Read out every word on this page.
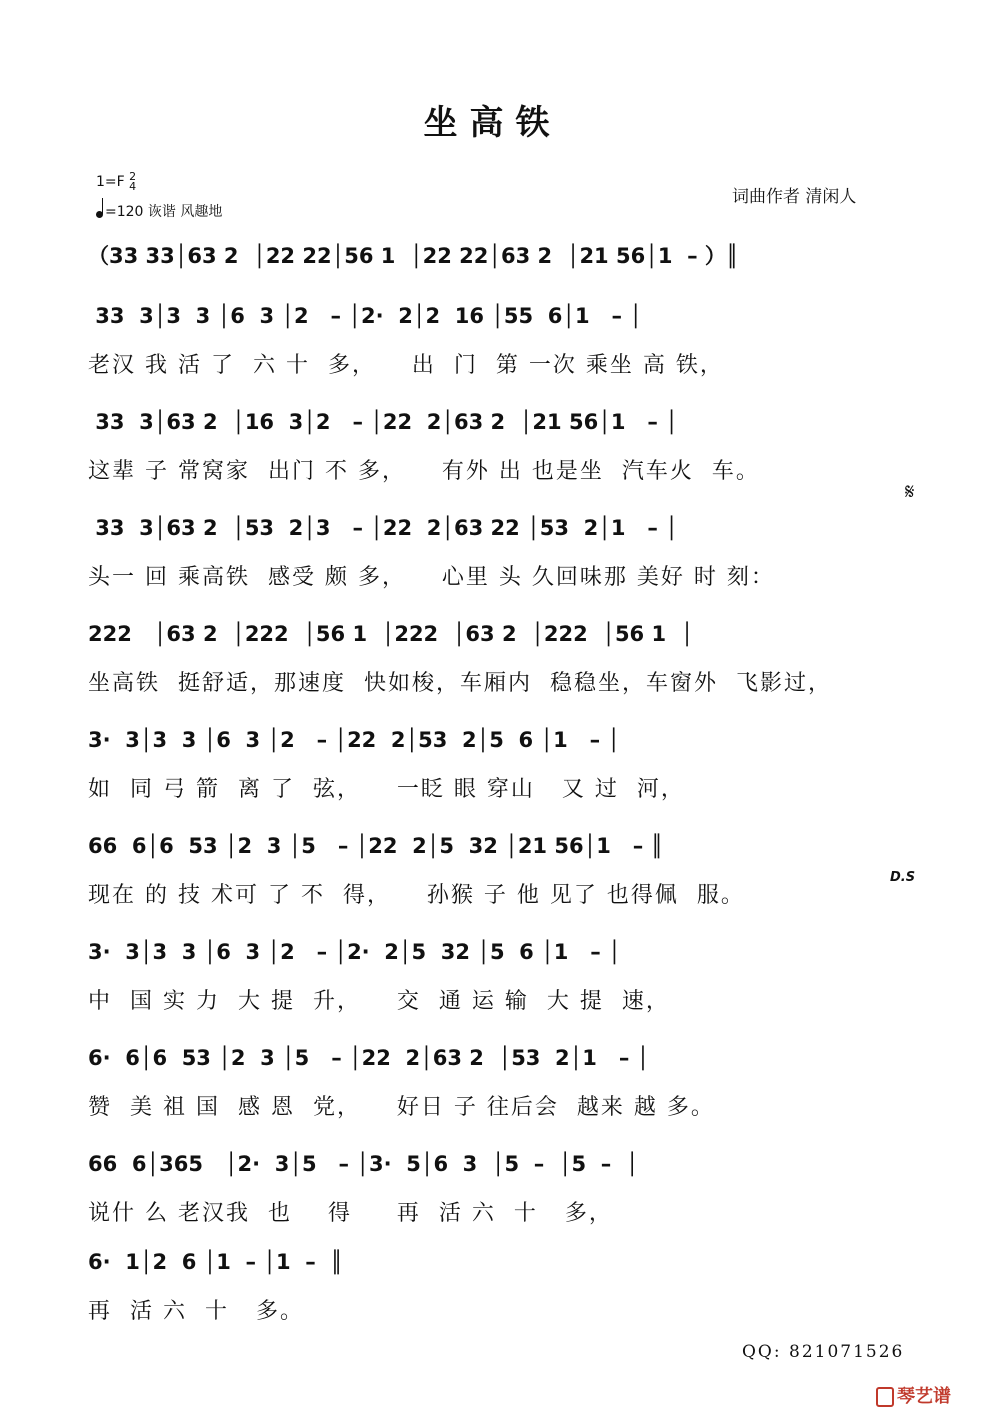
坐高铁
1=F 2
4
=120 诙谐 风趣地
词曲作者 清闲人
（33 33│63 2  │22 22│56 1  │22 22│63 2  │21 56│1  – ）║
33  3│3  3 │6  3 │2   – │2·  2│2  16 │55  6│1   – │
老汉 我 活 了  六 十  多，    出  门  第 一次 乘坐 高 铁，
33  3│63 2  │16  3│2   – │22  2│63 2  │21 56│1   – │
这辈 子 常窝家  出门 不 多，    有外 出 也是坐  汽车火  车。
33  3│63 2  │53  2│3   – │22  2│63 22 │53  2│1   – │
头一 回 乘高铁  感受 颇 多，    心里 头 久回味那 美好 时 刻：
222   │63 2  │222  │56 1  │222  │63 2  │222  │56 1  │
坐高铁  挺舒适，那速度  快如梭，车厢内  稳稳坐，车窗外  飞影过，
3·  3│3  3 │6  3 │2   – │22  2│53  2│5  6 │1   – │
如  同 弓 箭  离 了  弦，    一眨 眼 穿山   又 过  河，
66  6│6  53 │2  3 │5   – │22  2│5  32 │21 56│1   – ║
现在 的 技 术可 了 不  得，    孙猴 子 他 见了 也得佩  服。
3·  3│3  3 │6  3 │2   – │2·  2│5  32 │5  6 │1   – │
中  国 实 力  大 提  升，    交  通 运 输  大 提  速，
6·  6│6  53 │2  3 │5   – │22  2│63 2  │53  2│1   – │
赞  美 祖 国  感 恩  党，    好日 子 往后会  越来 越 多。
66  6│365   │2·  3│5   – │3·  5│6  3  │5  –  │5  –  │
说什 么 老汉我  也    得     再  活 六  十   多，
6·  1│2  6 │1  – │1  –  ║
再  活 六  十   多。
𝄋
D.S
QQ: 821071526
琴艺谱
